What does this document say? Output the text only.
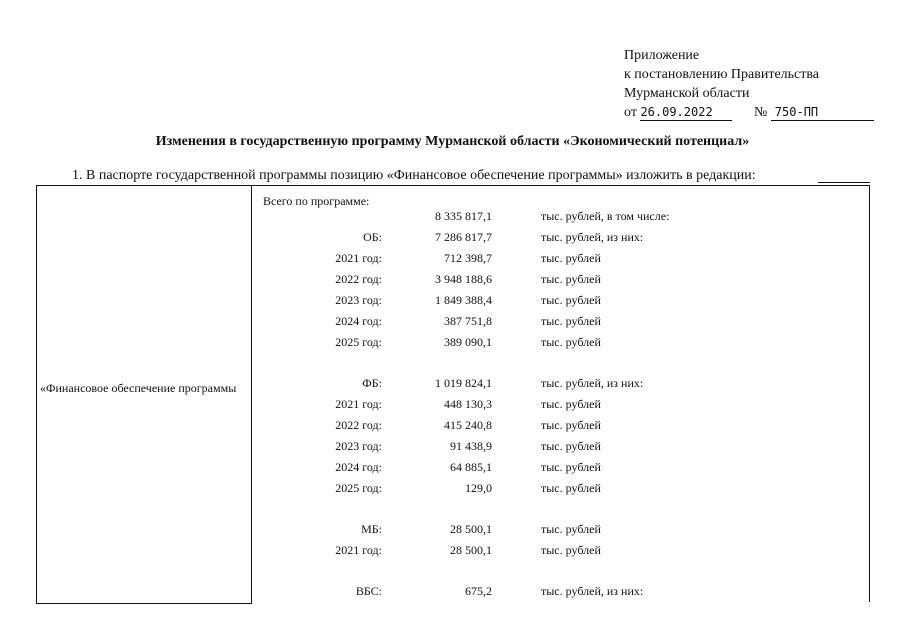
Приложение
к постановлению Правительства
Мурманской области
от 26.09.2022	№ 750-ПП
Изменения в государственную программу Мурманской области «Экономический потенциал»
1. В паспорте государственной программы позицию «Финансовое обеспечение программы» изложить в редакции:
«Финансовое обеспечение программы
Всего по программе:
8 335 817,1	тыс. рублей, в том числе:
ОБ:	7 286 817,7	тыс. рублей, из них:
2021 год:	712 398,7	тыс. рублей
2022 год:	3 948 188,6	тыс. рублей
2023 год:	1 849 388,4	тыс. рублей
2024 год:	387 751,8	тыс. рублей
2025 год:	389 090,1	тыс. рублей
ФБ:	1 019 824,1	тыс. рублей, из них:
2021 год:	448 130,3	тыс. рублей
2022 год:	415 240,8	тыс. рублей
2023 год:	91 438,9	тыс. рублей
2024 год:	64 885,1	тыс. рублей
2025 год:	129,0	тыс. рублей
МБ:	28 500,1	тыс. рублей
2021 год:	28 500,1	тыс. рублей
ВБС:	675,2	тыс. рублей, из них:
